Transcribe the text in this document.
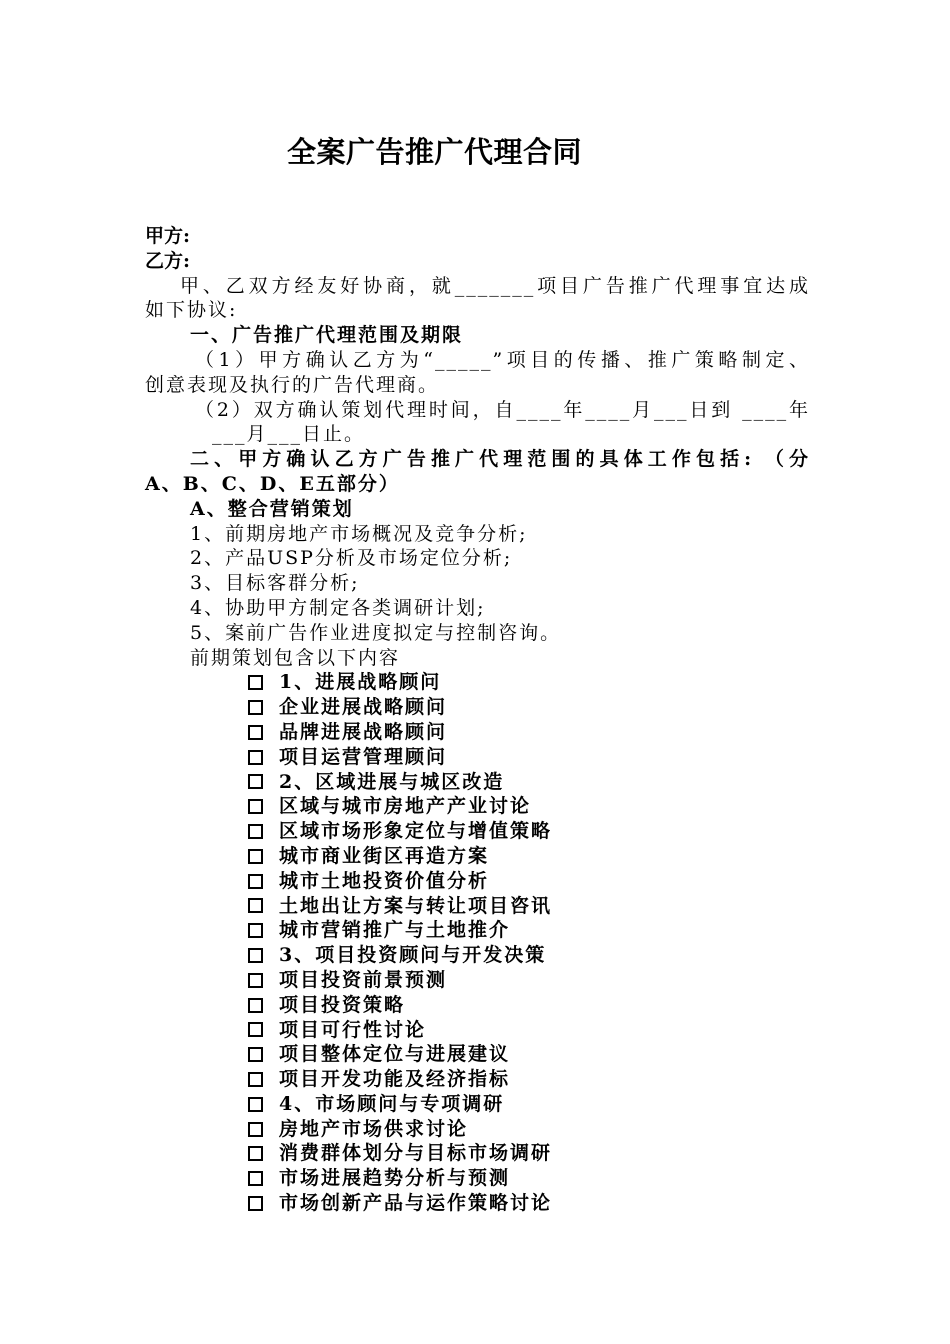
全案广告推广代理合同
甲方:
乙方:
甲、乙双方经友好协商，就_______项目广告推广代理事宜达成
如下协议:
一、广告推广代理范围及期限
（1）甲方确认乙方为“_____”项目的传播、推广策略制定、
创意表现及执行的广告代理商。
（2）双方确认策划代理时间，自____年____月___日到 ____年
___月___日止。
二、甲方确认乙方广告推广代理范围的具体工作包括: （分
A、B、C、D、E五部分）
A、整合营销策划
1、前期房地产市场概况及竞争分析;
2、产品USP分析及市场定位分析;
3、目标客群分析;
4、协助甲方制定各类调研计划;
5、案前广告作业进度拟定与控制咨询。
前期策划包含以下内容
1、进展战略顾问
企业进展战略顾问
品牌进展战略顾问
项目运营管理顾问
2、区域进展与城区改造
区域与城市房地产产业讨论
区域市场形象定位与增值策略
城市商业街区再造方案
城市土地投资价值分析
土地出让方案与转让项目咨讯
城市营销推广与土地推介
3、项目投资顾问与开发决策
项目投资前景预测
项目投资策略
项目可行性讨论
项目整体定位与进展建议
项目开发功能及经济指标
4、市场顾问与专项调研
房地产市场供求讨论
消费群体划分与目标市场调研
市场进展趋势分析与预测
市场创新产品与运作策略讨论
